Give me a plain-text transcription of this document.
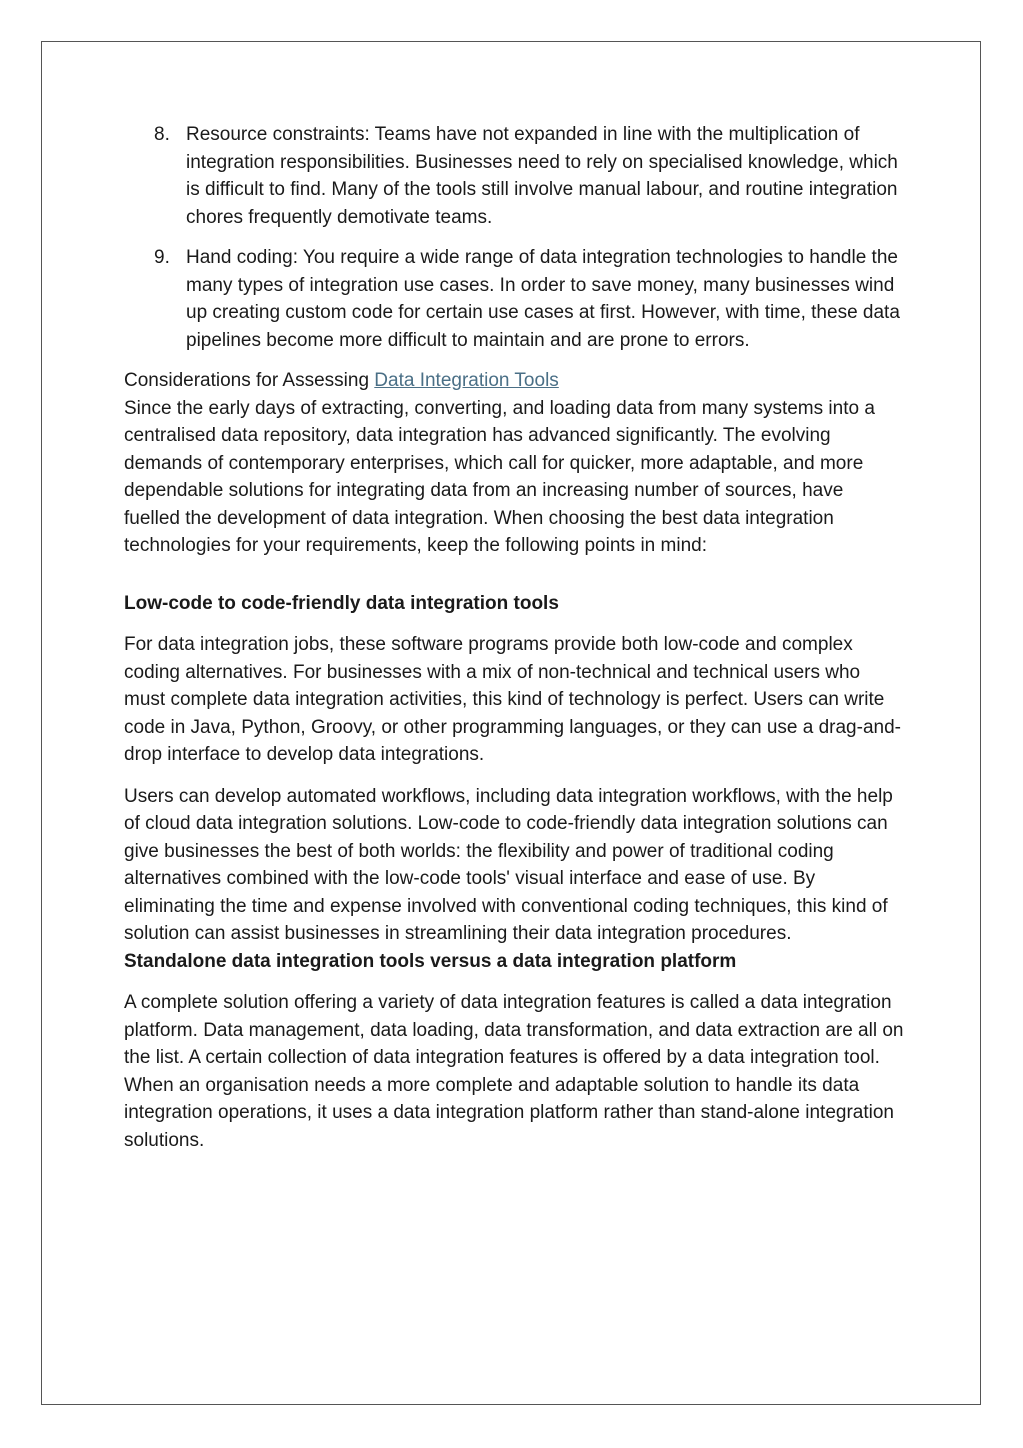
8. Resource constraints: Teams have not expanded in line with the multiplication of integration responsibilities. Businesses need to rely on specialised knowledge, which is difficult to find. Many of the tools still involve manual labour, and routine integration chores frequently demotivate teams.
9. Hand coding: You require a wide range of data integration technologies to handle the many types of integration use cases. In order to save money, many businesses wind up creating custom code for certain use cases at first. However, with time, these data pipelines become more difficult to maintain and are prone to errors.

Considerations for Assessing Data Integration Tools

Since the early days of extracting, converting, and loading data from many systems into a centralised data repository, data integration has advanced significantly. The evolving demands of contemporary enterprises, which call for quicker, more adaptable, and more dependable solutions for integrating data from an increasing number of sources, have fuelled the development of data integration. When choosing the best data integration technologies for your requirements, keep the following points in mind:

Low-code to code-friendly data integration tools

For data integration jobs, these software programs provide both low-code and complex coding alternatives. For businesses with a mix of non-technical and technical users who must complete data integration activities, this kind of technology is perfect. Users can write code in Java, Python, Groovy, or other programming languages, or they can use a drag-and-drop interface to develop data integrations.

Users can develop automated workflows, including data integration workflows, with the help of cloud data integration solutions. Low-code to code-friendly data integration solutions can give businesses the best of both worlds: the flexibility and power of traditional coding alternatives combined with the low-code tools' visual interface and ease of use. By eliminating the time and expense involved with conventional coding techniques, this kind of solution can assist businesses in streamlining their data integration procedures.

Standalone data integration tools versus a data integration platform

A complete solution offering a variety of data integration features is called a data integration platform. Data management, data loading, data transformation, and data extraction are all on the list. A certain collection of data integration features is offered by a data integration tool. When an organisation needs a more complete and adaptable solution to handle its data integration operations, it uses a data integration platform rather than stand-alone integration solutions.
